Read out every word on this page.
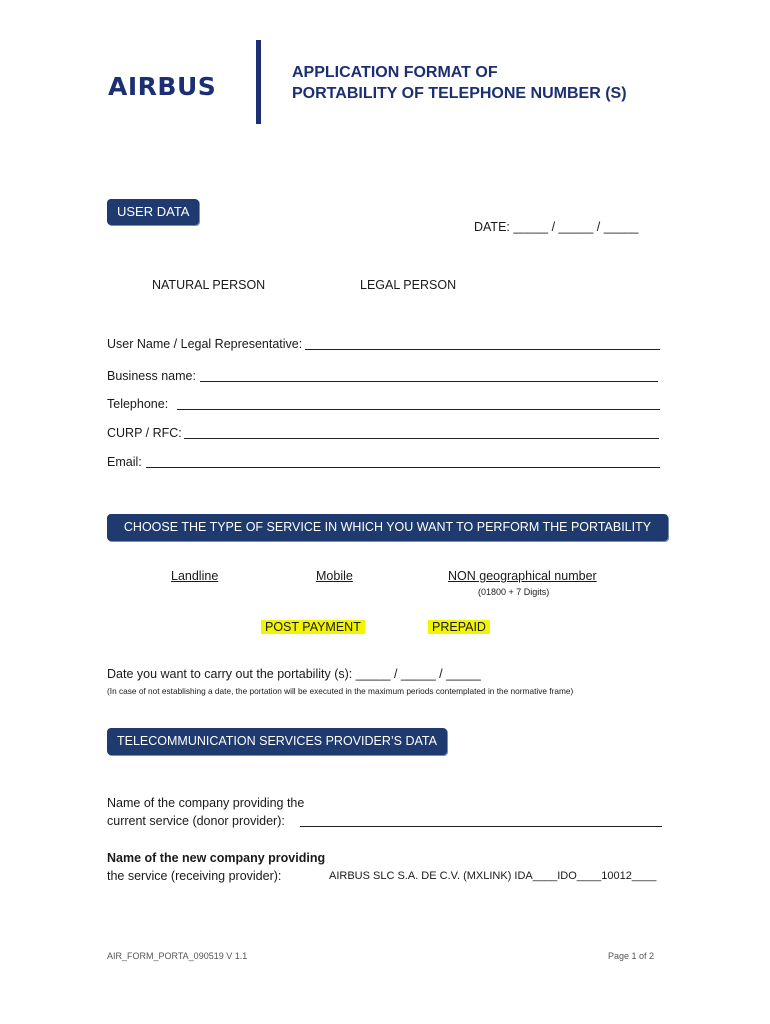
AIRBUS	APPLICATION FORMAT OF
PORTABILITY OF TELEPHONE NUMBER (S)
USER DATA
DATE: _____ / _____ / _____
NATURAL PERSON	LEGAL PERSON
User Name / Legal Representative:
Business name:
Telephone:
CURP / RFC:
Email:
CHOOSE THE TYPE OF SERVICE IN WHICH YOU WANT TO PERFORM THE PORTABILITY
Landline	Mobile	NON geographical number
(01800 + 7 Digits)
POST PAYMENT	PREPAID
Date you want to carry out the portability (s): _____ / _____ / _____
(In case of not establishing a date, the portation will be executed in the maximum periods contemplated in the normative frame)
TELECOMMUNICATION SERVICES PROVIDER’S DATA
Name of the company providing the
current service (donor provider):
Name of the new company providing
the service (receiving provider):	AIRBUS SLC S.A. DE C.V. (MXLINK) IDA____IDO____10012____
AIR_FORM_PORTA_090519 V 1.1	Page 1 of 2
